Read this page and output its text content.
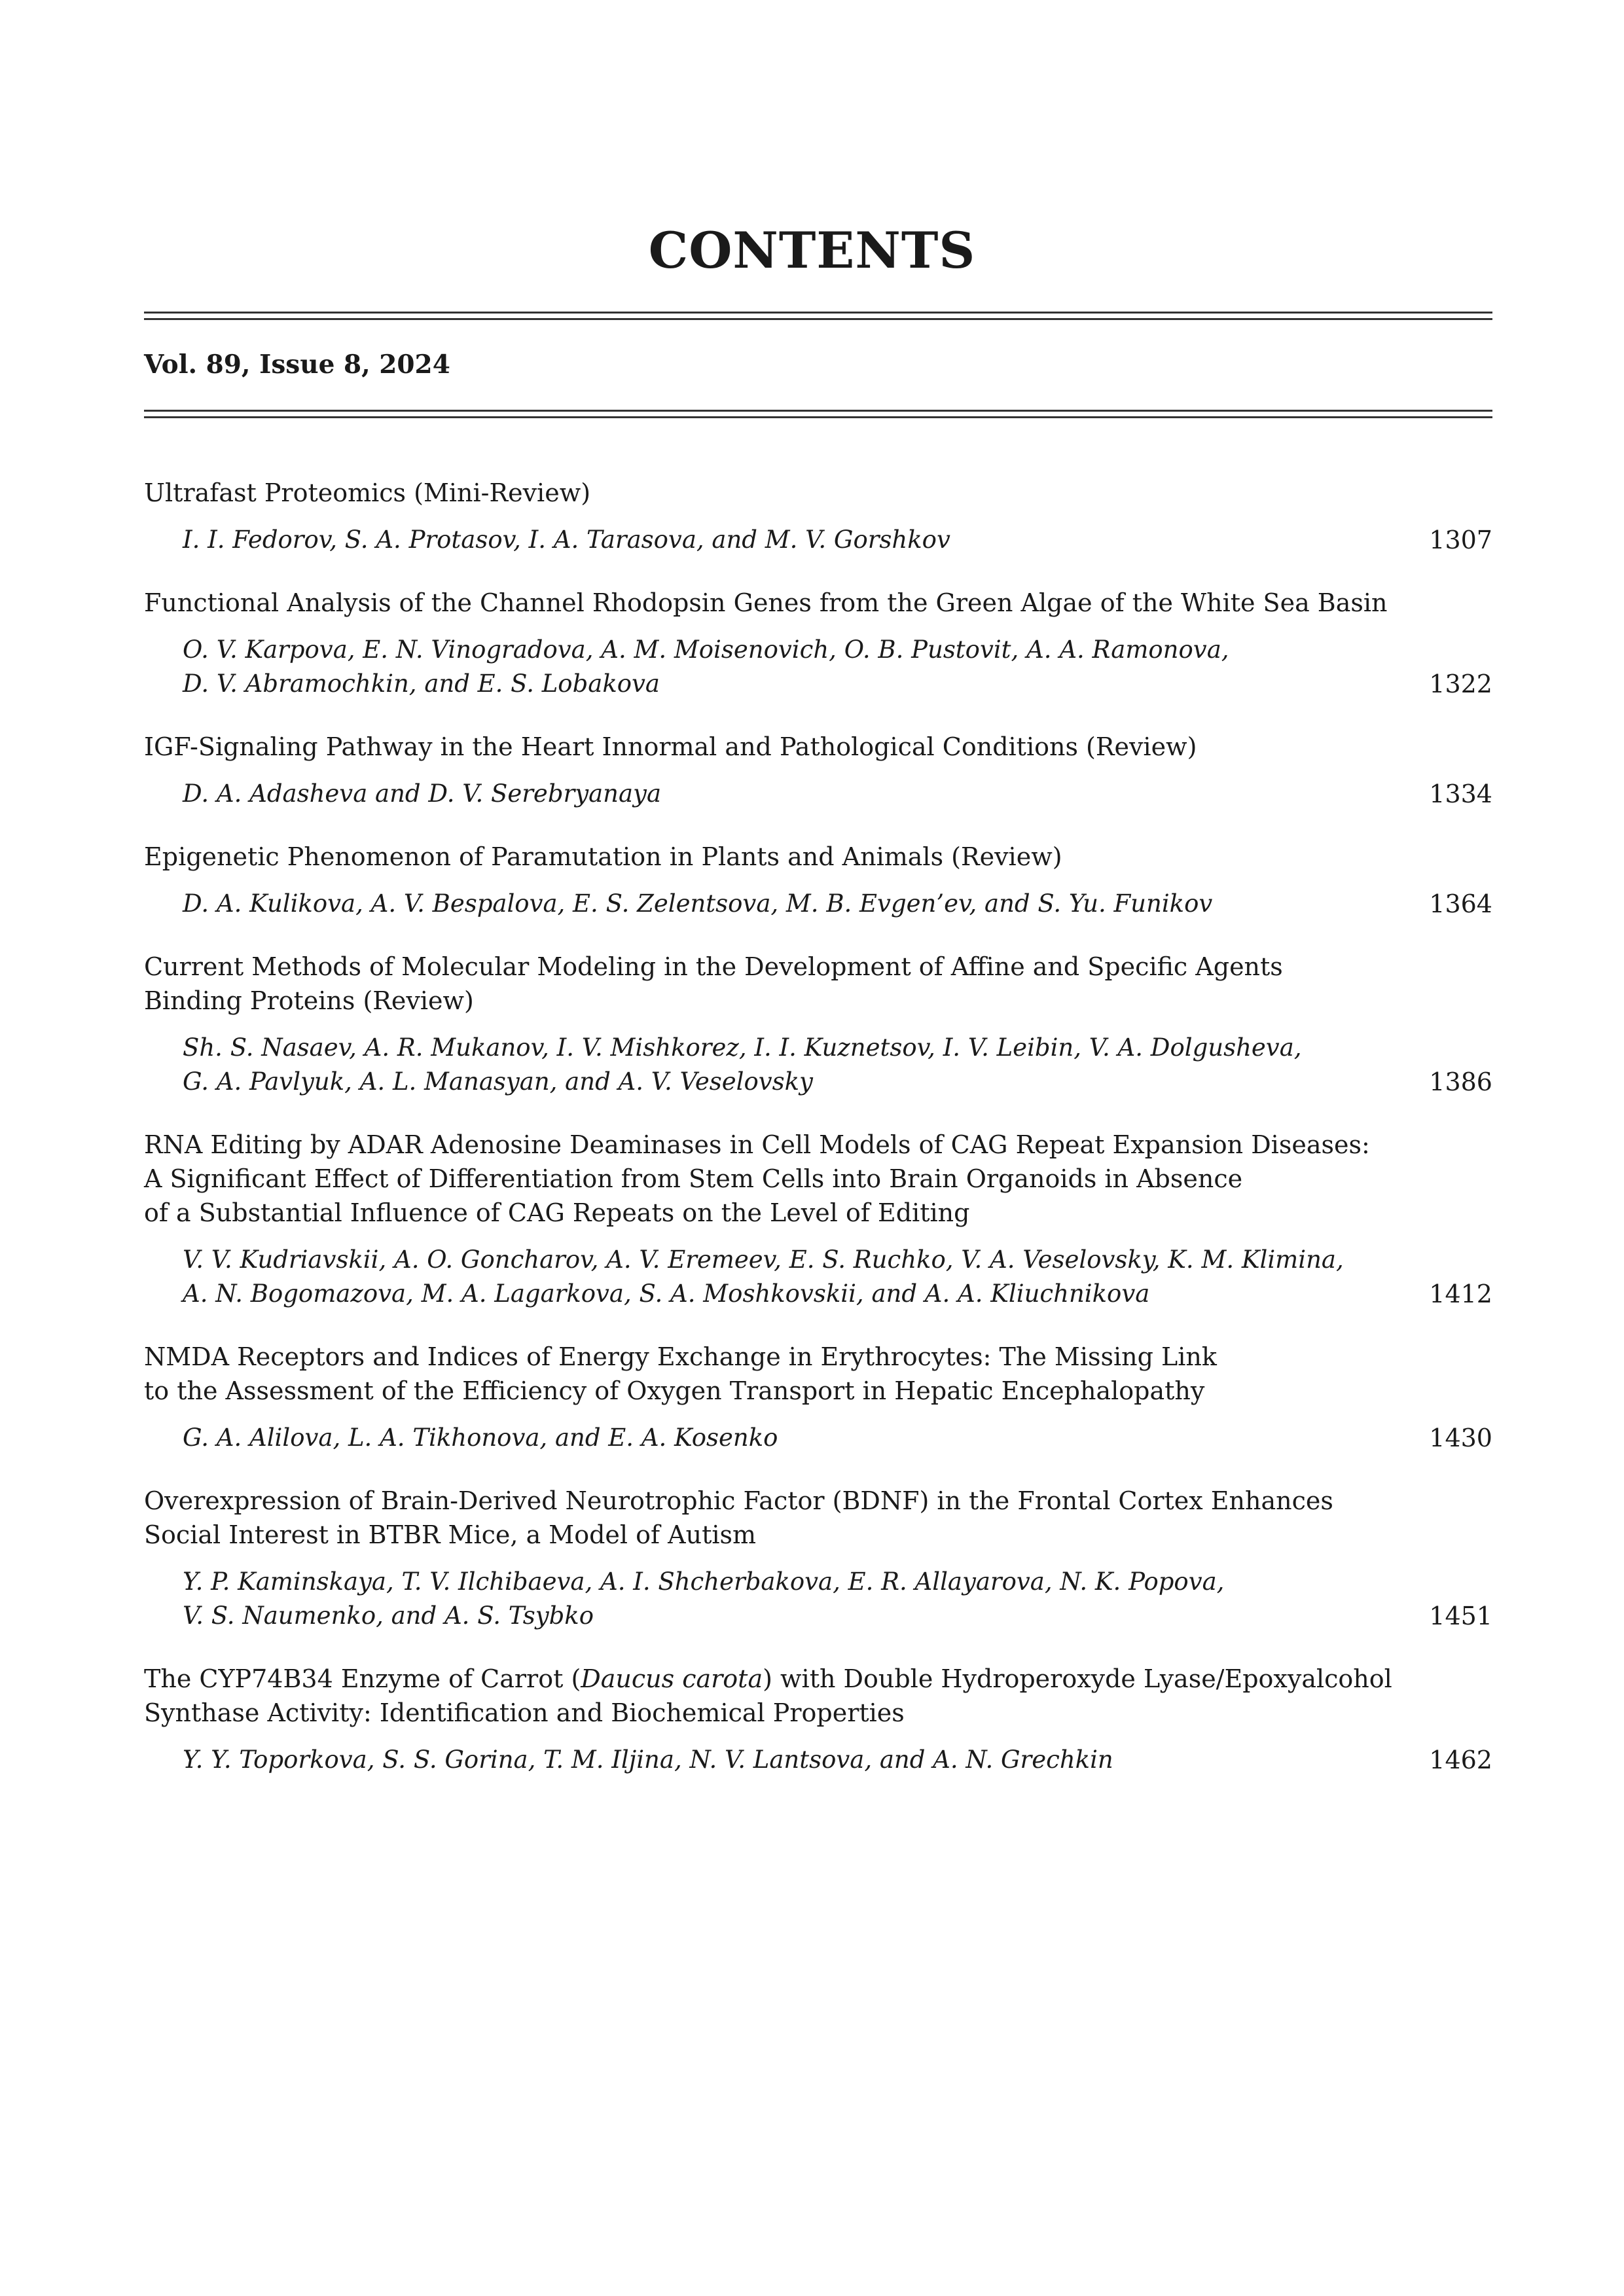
CONTENTS
Vol. 89, Issue 8, 2024
Ultrafast Proteomics (Mini-Review)
I. I. Fedorov, S. A. Protasov, I. A. Tarasova, and M. V. Gorshkov	1307
Functional Analysis of the Channel Rhodopsin Genes from the Green Algae of the White Sea Basin
O. V. Karpova, E. N. Vinogradova, A. M. Moisenovich, O. B. Pustovit, A. A. Ramonova,
D. V. Abramochkin, and E. S. Lobakova	1322
IGF-Signaling Pathway in the Heart Innormal and Pathological Conditions (Review)
D. A. Adasheva and D. V. Serebryanaya	1334
Epigenetic Phenomenon of Paramutation in Plants and Animals (Review)
D. A. Kulikova, A. V. Bespalova, E. S. Zelentsova, M. B. Evgen’ev, and S. Yu. Funikov	1364
Current Methods of Molecular Modeling in the Development of Affine and Specific Agents
Binding Proteins (Review)
Sh. S. Nasaev, A. R. Mukanov, I. V. Mishkorez, I. I. Kuznetsov, I. V. Leibin, V. A. Dolgusheva,
G. A. Pavlyuk, A. L. Manasyan, and A. V. Veselovsky	1386
RNA Editing by ADAR Adenosine Deaminases in Cell Models of CAG Repeat Expansion Diseases:
A Significant Effect of Differentiation from Stem Cells into Brain Organoids in Absence
of a Substantial Influence of CAG Repeats on the Level of Editing
V. V. Kudriavskii, A. O. Goncharov, A. V. Eremeev, E. S. Ruchko, V. A. Veselovsky, K. M. Klimina,
A. N. Bogomazova, M. A. Lagarkova, S. A. Moshkovskii, and A. A. Kliuchnikova	1412
NMDA Receptors and Indices of Energy Exchange in Erythrocytes: The Missing Link
to the Assessment of the Efficiency of Oxygen Transport in Hepatic Encephalopathy
G. A. Alilova, L. A. Tikhonova, and E. A. Kosenko	1430
Overexpression of Brain-Derived Neurotrophic Factor (BDNF) in the Frontal Cortex Enhances
Social Interest in BTBR Mice, a Model of Autism
Y. P. Kaminskaya, T. V. Ilchibaeva, A. I. Shcherbakova, E. R. Allayarova, N. K. Popova,
V. S. Naumenko, and A. S. Tsybko	1451
The CYP74B34 Enzyme of Carrot (Daucus carota) with Double Hydroperoxyde Lyase/Epoxyalcohol
Synthase Activity: Identification and Biochemical Properties
Y. Y. Toporkova, S. S. Gorina, T. M. Iljina, N. V. Lantsova, and A. N. Grechkin	1462
